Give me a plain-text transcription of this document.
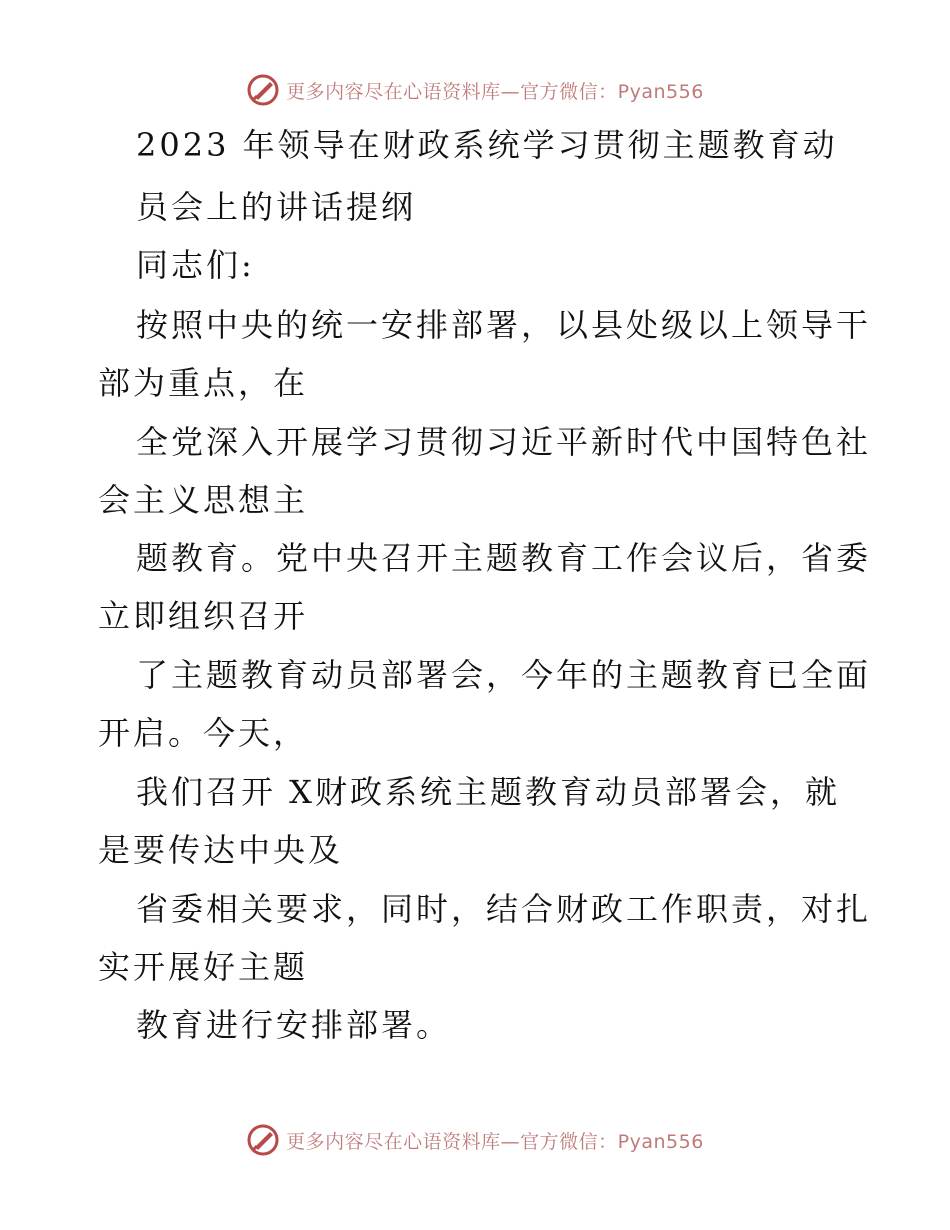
更多内容尽在心语资料库—官方微信：Pyan556
2023 年领导在财政系统学习贯彻主题教育动
员会上的讲话提纲
同志们:
按照中央的统一安排部署，以县处级以上领导干
部为重点，在
全党深入开展学习贯彻习近平新时代中国特色社
会主义思想主
题教育。党中央召开主题教育工作会议后，省委
立即组织召开
了主题教育动员部署会，今年的主题教育已全面
开启。今天，
我们召开 X财政系统主题教育动员部署会，就
是要传达中央及
省委相关要求，同时，结合财政工作职责，对扎
实开展好主题
教育进行安排部署。
更多内容尽在心语资料库—官方微信：Pyan556
